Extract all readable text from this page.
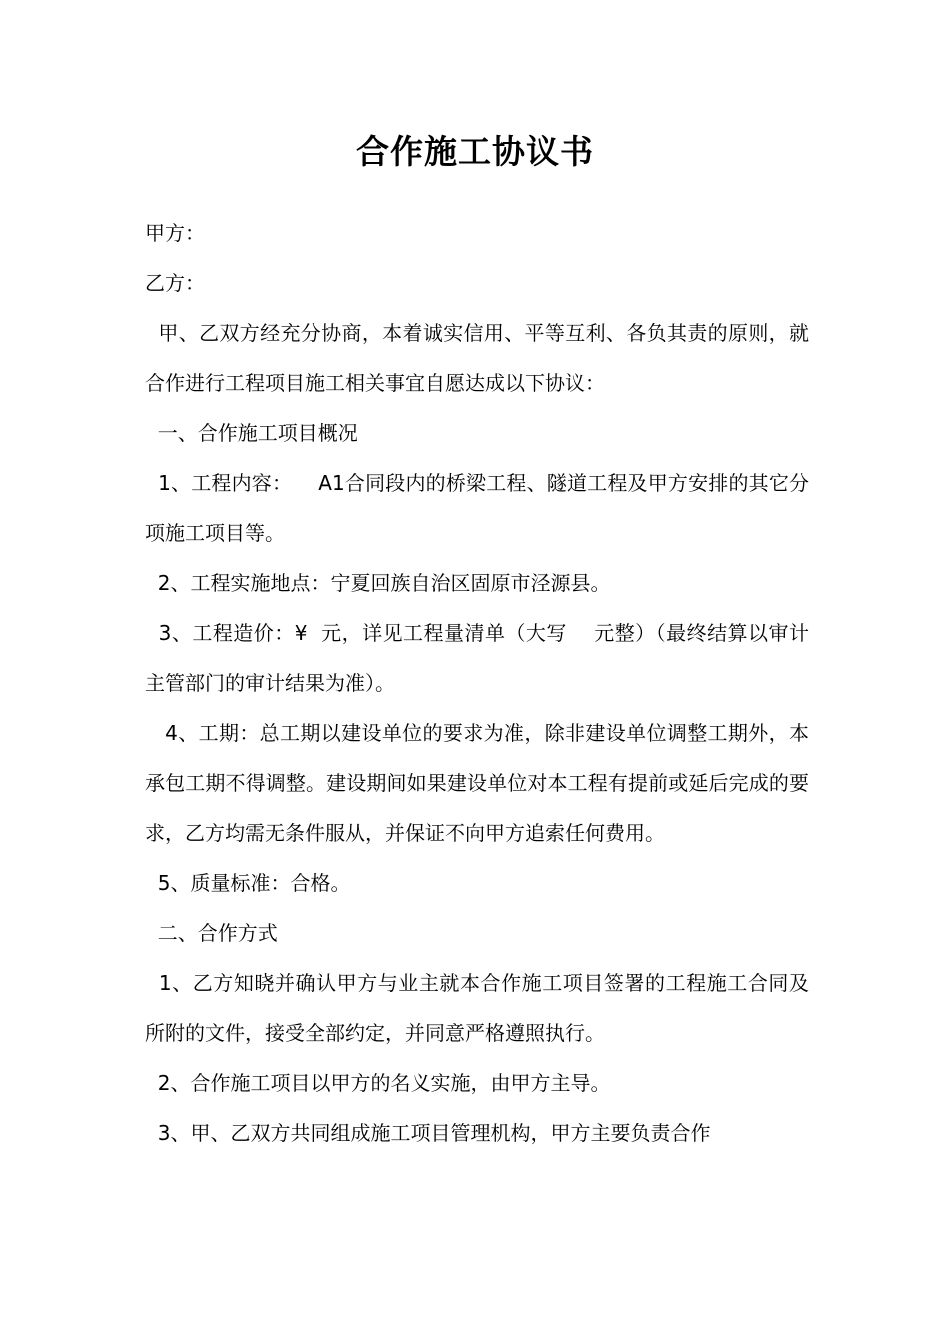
合作施工协议书

甲方：

乙方：

甲、乙双方经充分协商，本着诚实信用、平等互利、各负其责的原则，就合作进行工程项目施工相关事宜自愿达成以下协议：

一、合作施工项目概况

1、工程内容：    A1合同段内的桥梁工程、隧道工程及甲方安排的其它分项施工项目等。

2、工程实施地点：宁夏回族自治区固原市泾源县。

3、工程造价：¥  元，详见工程量清单（大写    元整）（最终结算以审计主管部门的审计结果为准）。

4、工期：总工期以建设单位的要求为准，除非建设单位调整工期外，本承包工期不得调整。建设期间如果建设单位对本工程有提前或延后完成的要求，乙方均需无条件服从，并保证不向甲方追索任何费用。

5、质量标准：合格。

二、合作方式

1、乙方知晓并确认甲方与业主就本合作施工项目签署的工程施工合同及所附的文件，接受全部约定，并同意严格遵照执行。

2、合作施工项目以甲方的名义实施，由甲方主导。

3、甲、乙双方共同组成施工项目管理机构，甲方主要负责合作
